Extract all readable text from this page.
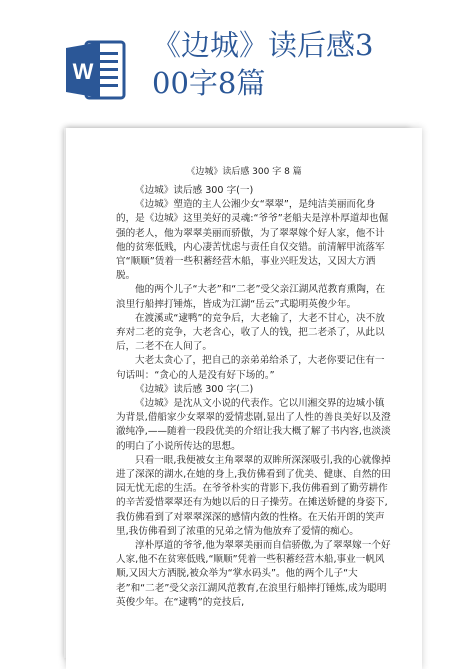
W
《边城》读后感3
00字8篇
《边城》读后感 300 字 8 篇

《边城》读后感 300 字(一)

《边城》塑造的主人公湘少女“翠翠”，是纯洁美丽而化身的，是《边城》这里美好的灵魂:“爷爷”老船夫是淳朴厚道却也倔强的老人，他为翠翠美丽而骄傲，为了翠翠嫁个好人家，他不计他的贫寒低贱，内心凄苦忧虑与责任自仅交错。前清解甲流落军官“顺顺”赁着一些积蓄经营木船，事业兴旺发达，又因大方洒脱。

他的两个儿子“大老”和“二老”受父亲江湖风范教育熏陶，在浪里行船摔打锤炼，皆成为江湖“岳云”式聪明英俊少年。

在渡溪或“逮鸭”的竞争后，大老输了，大老不甘心，决不放弃对二老的竞争，大老含心，收了人的钱，把二老杀了，从此以后，二老不在人间了。

大老太贪心了，把自己的亲弟弟给杀了，大老你要记住有一句话叫：“贪心的人是没有好下场的。”

《边城》读后感 300 字(二)

《边城》是沈从文小说的代表作。它以川湘交界的边城小镇为背景,借船家少女翠翠的爱情悲剧,显出了人性的善良美好以及澄澈纯净,——随着一段段优美的介绍让我大概了解了书内容,也淡淡的明白了小说所传达的思想。

只看一眼,我便被女主角翠翠的双眸所深深吸引,我的心就像掉进了深深的湖水,在她的身上,我仿佛看到了优美、健康、自然的田园无忧无虑的生活。在爷爷朴实的背影下,我仿佛看到了勤劳耕作的辛苦爱惜翠翠还有为她以后的日子操劳。在摊送娇健的身姿下,我仿佛看到了对翠翠深深的感情内敛的性格。在天佑开朗的笑声里,我仿佛看到了浓重的兄弟之情为他放弃了爱情的痴心。

淳朴厚道的爷爷,他为翠翠美丽而自信骄傲,为了翠翠嫁一个好人家,他不在贫寒低贱,“顺顺”凭着一些积蓄经营木船,事业一帆风顺,又因大方洒脱,被众举为“掌水码头”。他的两个儿子“大老”和“二老”受父亲江湖风范教育,在浪里行船摔打锤炼,成为聪明英俊少年。在“逮鸭”的竞技后,
